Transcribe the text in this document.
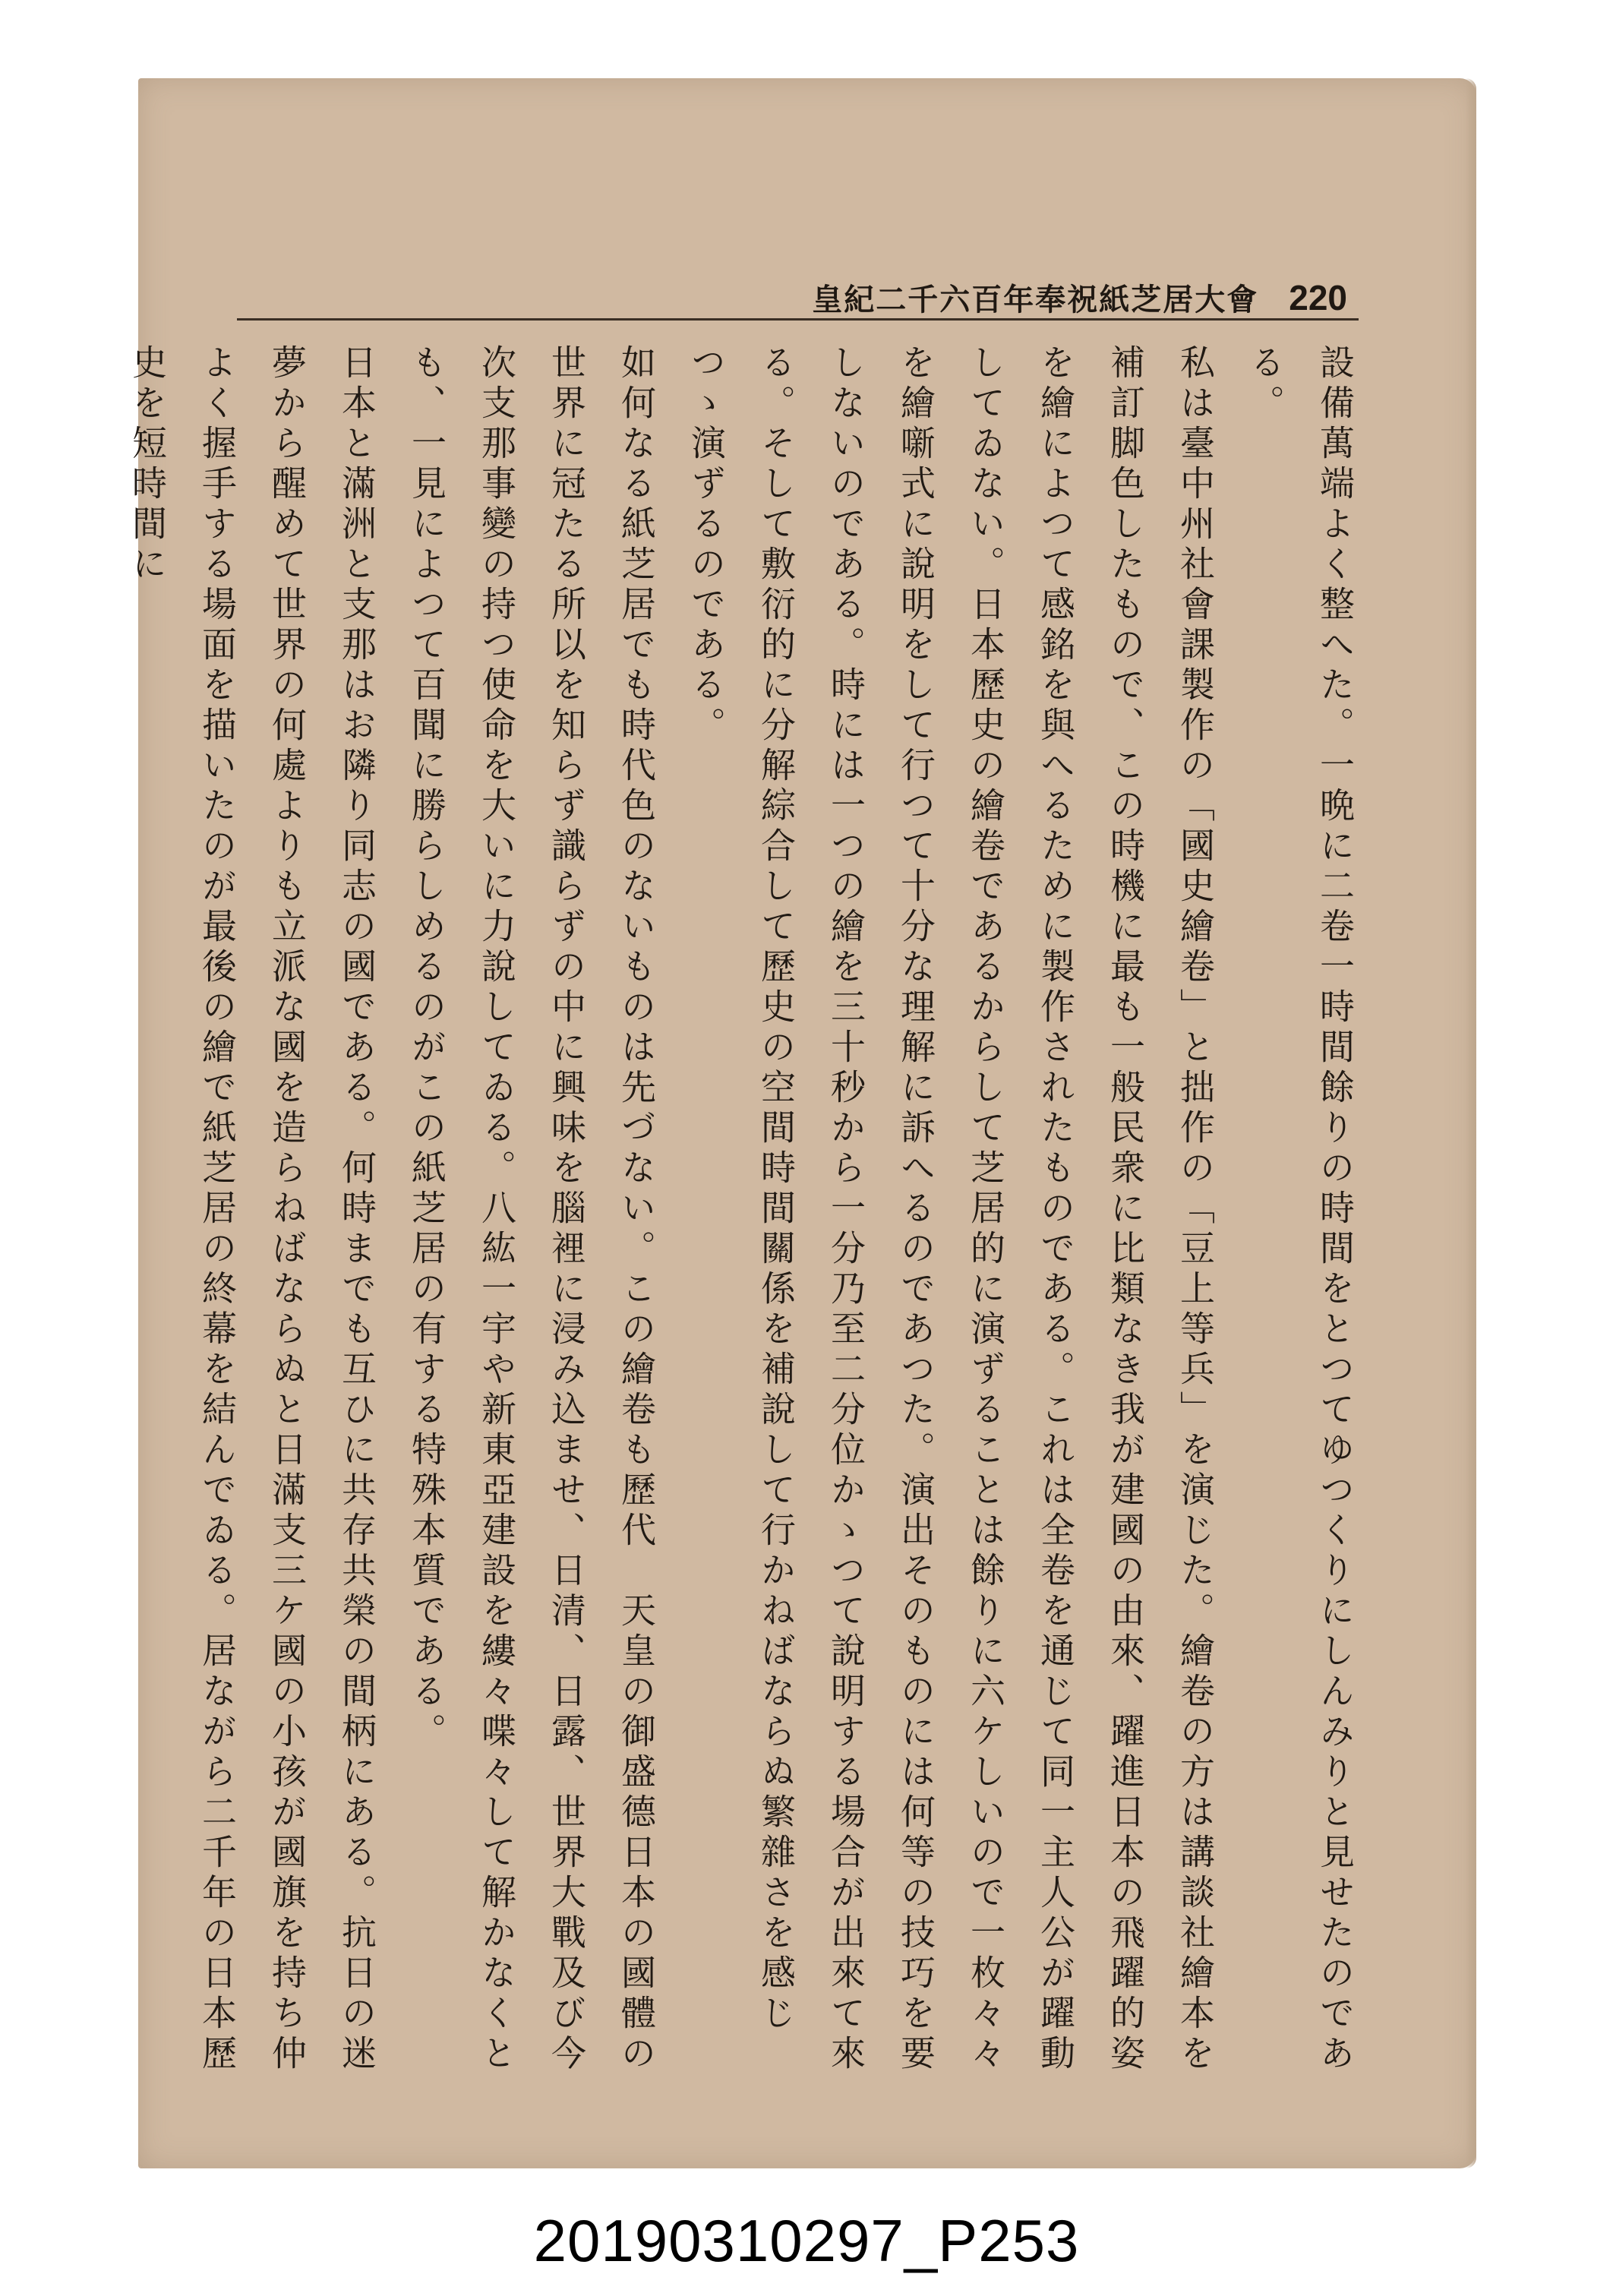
皇紀二千六百年奉祝紙芝居大會 220

設備萬端よく整へた。一晩に二卷一時間餘りの時間をとつてゆつくりにしんみりと見せたのである。

私は臺中州社會課製作の「國史繪卷」と拙作の「豆上等兵」を演じた。繪卷の方は講談社繪本を補訂脚色したもので、この時機に最も一般民衆に比類なき我が建國の由來、躍進日本の飛躍的姿を繪によつて感銘を與へるために製作されたものである。これは全卷を通じて同一主人公が躍動してゐない。日本歷史の繪卷であるからして芝居的に演ずることは餘りに六ケしいので一枚々々を繪噺式に說明をして行つて十分な理解に訴へるのであつた。演出そのものには何等の技巧を要しないのである。時には一つの繪を三十秒から一分乃至二分位かゝつて說明する場合が出來て來る。そして敷衍的に分解綜合して歷史の空間時間關係を補說して行かねばならぬ繁雜さを感じつゝ演ずるのである。

如何なる紙芝居でも時代色のないものは先づない。この繪卷も歷代　天皇の御盛德日本の國體の世界に冠たる所以を知らず識らずの中に興味を腦裡に浸み込ませ、日清、日露、世界大戰及び今次支那事變の持つ使命を大いに力說してゐる。八紘一宇や新東亞建設を縷々喋々して解かなくとも、一見によつて百聞に勝らしめるのがこの紙芝居の有する特殊本質である。

日本と滿洲と支那はお隣り同志の國である。何時までも互ひに共存共榮の間柄にある。抗日の迷夢から醒めて世界の何處よりも立派な國を造らねばならぬと日滿支三ケ國の小孩が國旗を持ち仲よく握手する場面を描いたのが最後の繪で紙芝居の終幕を結んでゐる。居ながら二千年の日本歷史を短時間に

20190310297_P253
